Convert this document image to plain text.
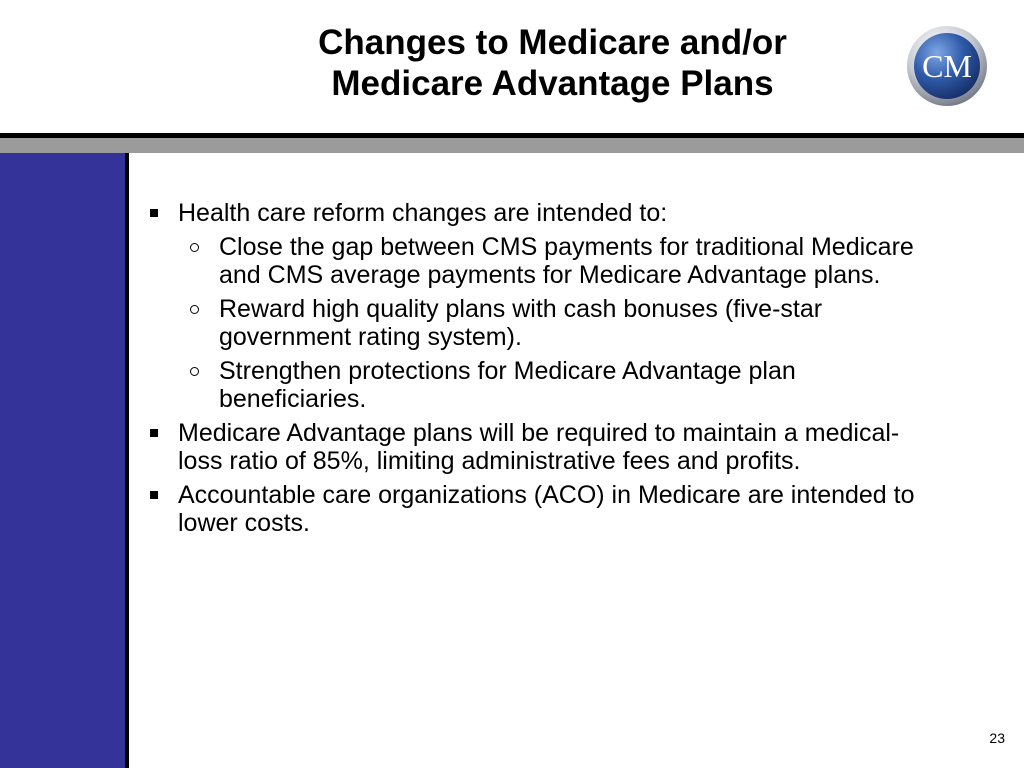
Changes to Medicare and/or
Medicare Advantage Plans	CM
Health care reform changes are intended to:
Close the gap between CMS payments for traditional Medicare and CMS average payments for Medicare Advantage plans.
Reward high quality plans with cash bonuses (five-star government rating system).
Strengthen protections for Medicare Advantage plan beneficiaries.
Medicare Advantage plans will be required to maintain a medical-loss ratio of 85%, limiting administrative fees and profits.
Accountable care organizations (ACO) in Medicare are intended to lower costs.
23
